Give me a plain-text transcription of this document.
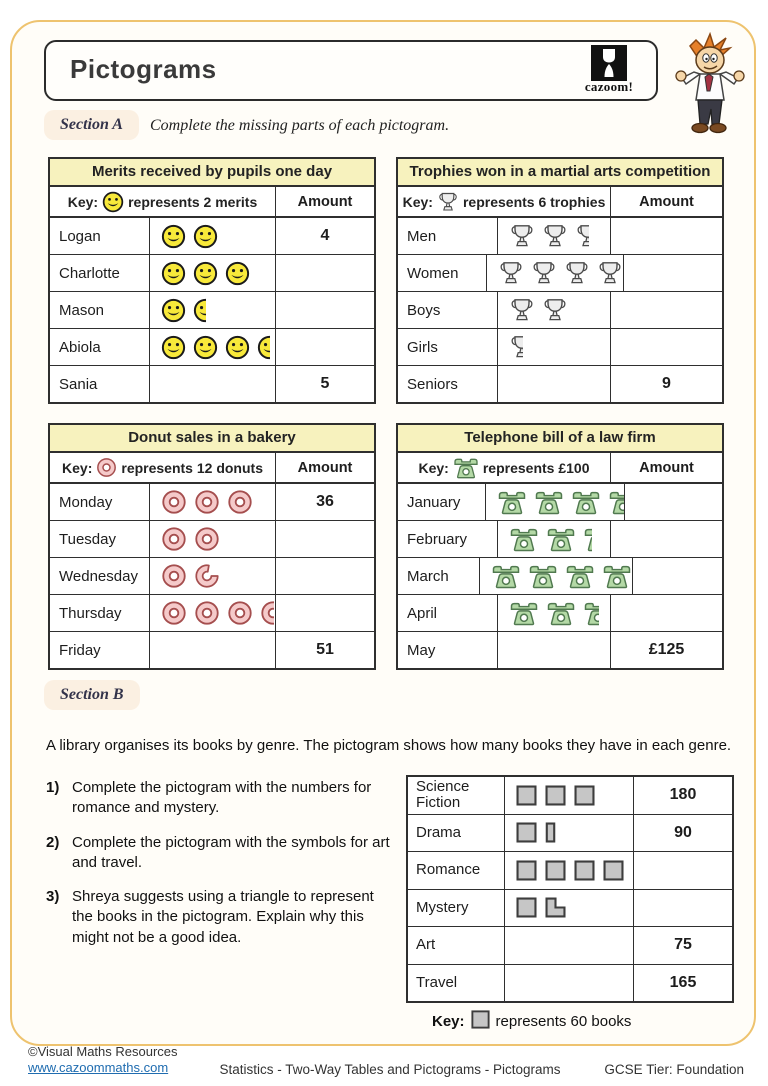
Pictograms
cazoom!
Section A	Complete the missing parts of each pictogram.
Merits received by pupils one day
Key: represents 2 merits	Amount
Logan	4
Charlotte
Mason
Abiola
Sania	5
Trophies won in a martial arts competition
Key: represents 6 trophies	Amount
Men
Women
Boys
Girls
Seniors	9
Donut sales in a bakery
Key: represents 12 donuts	Amount
Monday	36
Tuesday
Wednesday
Thursday
Friday	51
Telephone bill of a law firm
Key: represents £100	Amount
January
February
March
April
May	£125
Section B
A library organises its books by genre. The pictogram shows how many books they have in each genre.
1) Complete the pictogram with the numbers for romance and mystery.
2) Complete the pictogram with the symbols for art and travel.
3) Shreya suggests using a triangle to represent the books in the pictogram. Explain why this might not be a good idea.
Science Fiction	180
Drama	90
Romance
Mystery
Art	75
Travel	165
Key: represents 60 books
©Visual Maths Resources
www.cazoommaths.com	Statistics - Two-Way Tables and Pictograms - Pictograms	GCSE Tier: Foundation
